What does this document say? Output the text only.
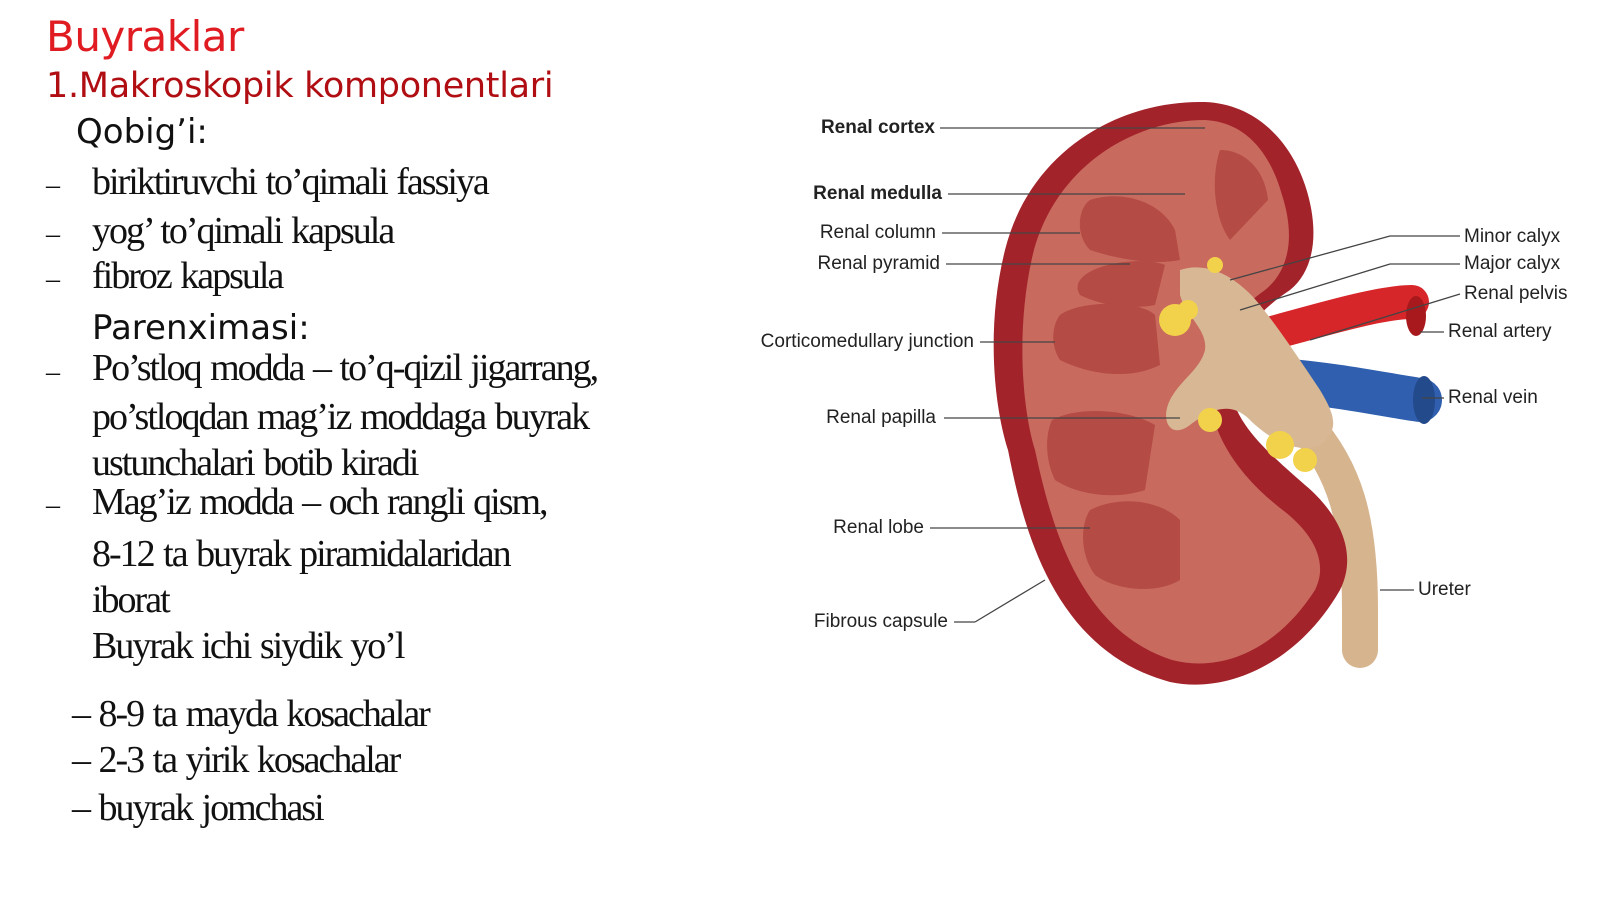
Buyraklar
1.Makroskopik komponentlari
Qobig’i:
– biriktiruvchi to’qimali fassiya
– yog’ to’qimali kapsula
– fibroz kapsula
Parenximasi:
– Po’stloq modda – to’q-qizil jigarrang,
po’stloqdan mag’iz moddaga buyrak
ustunchalari botib kiradi
– Mag’iz modda – och rangli qism,
8-12 ta buyrak piramidalaridan
iborat
Buyrak ichi siydik yo’l
– 8-9 ta mayda kosachalar
– 2-3 ta yirik kosachalar
– buyrak jomchasi
Renal cortex
Renal medulla
Renal column
Renal pyramid
Corticomedullary junction
Renal papilla
Renal lobe
Fibrous capsule
Minor calyx
Major calyx
Renal pelvis
Renal artery
Renal vein
Ureter
